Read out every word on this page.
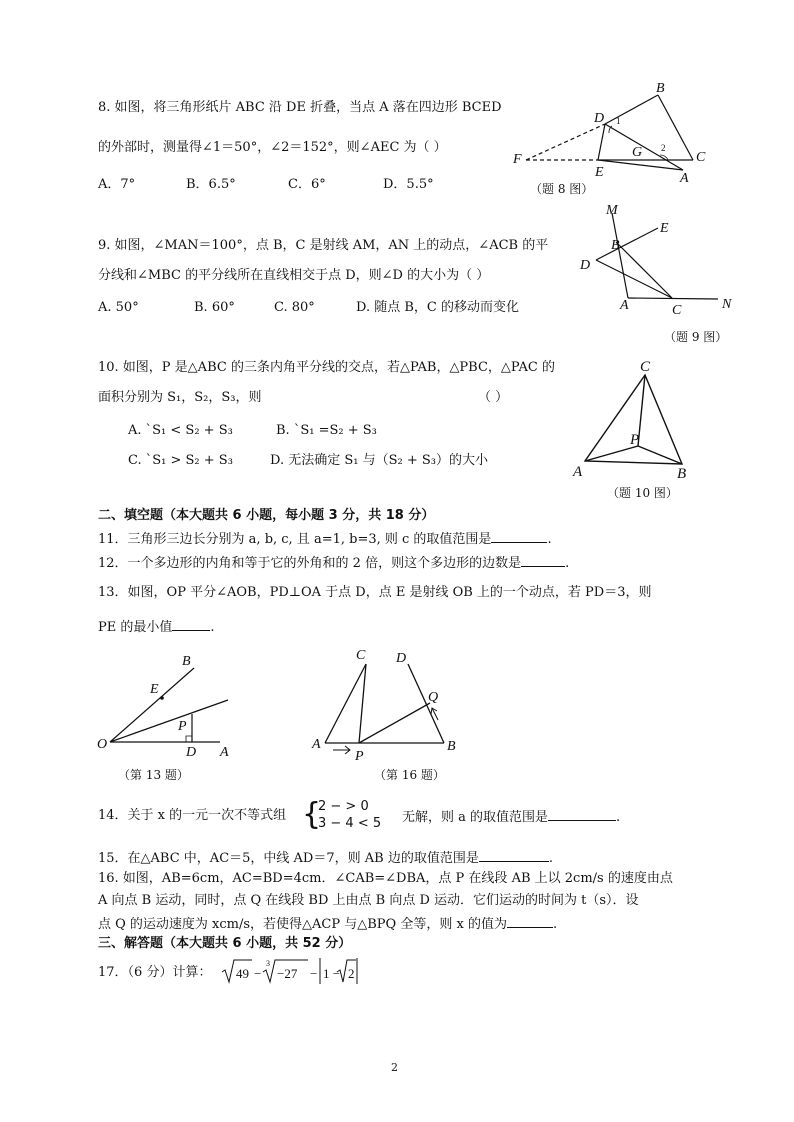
8. 如图，将三角形纸片 ABC 沿 DE 折叠，当点 A 落在四边形 BCED
的外部时，测量得∠1＝50°，∠2＝152°，则∠AEC 为（ ）
A．7°	B．6.5°	C．6°	D．5.5°
B
D 1
F
E
G 2
C
A
（题 8 图）
9. 如图，∠MAN＝100°，点 B，C 是射线 AM，AN 上的动点，∠ACB 的平
分线和∠MBC 的平分线所在直线相交于点 D，则∠D 的大小为（ ）
A. 50°	B. 60°	C. 80°	D. 随点 B，C 的移动而变化
M
E
B
D
A	C	N
（题 9 图）
10. 如图，P 是△ABC 的三条内角平分线的交点，若△PAB，△PBC，△PAC 的
面积分别为 S₁，S₂，S₃，则	（ ）
A. ˋS₁ < S₂ + S₃	B. ˋS₁ =S₂ + S₃
C. ˋS₁ > S₂ + S₃	D. 无法确定 S₁ 与（S₂ + S₃）的大小
C
P
A	B
（题 10 图）
二、填空题（本大题共 6 小题，每小题 3 分，共 18 分）
11．三角形三边长分别为 a, b, c, 且 a=1, b=3, 则 c 的取值范围是	.
12．一个多边形的内角和等于它的外角和的 2 倍，则这个多边形的边数是	.
13．如图，OP 平分∠AOB，PD⊥OA 于点 D，点 E 是射线 OB 上的一个动点，若 PD＝3，则
PE 的最小值	.
B
E
P
O
D A
（第 13 题）
C D
Q
A
P
B
（第 16 题）
14．关于 x 的一元一次不等式组 {
2 − > 0
3 − 4 < 5 无解，则 a 的取值范围是	.
15．在△ABC 中，AC＝5，中线 AD＝7，则 AB 边的取值范围是	.
16. 如图，AB=6cm，AC=BD=4cm．∠CAB=∠DBA，点 P 在线段 AB 上以 2cm/s 的速度由点
A 向点 B 运动，同时，点 Q 在线段 BD 上由点 B 向点 D 运动．它们运动的时间为 t（s）．设
点 Q 的运动速度为 xcm/s，若使得△ACP 与△BPQ 全等，则 x 的值为	.
三、解答题（本大题共 6 小题，共 52 分）
17．（6 分）计算： 49 −
3
−27 − 1 − 2
2
